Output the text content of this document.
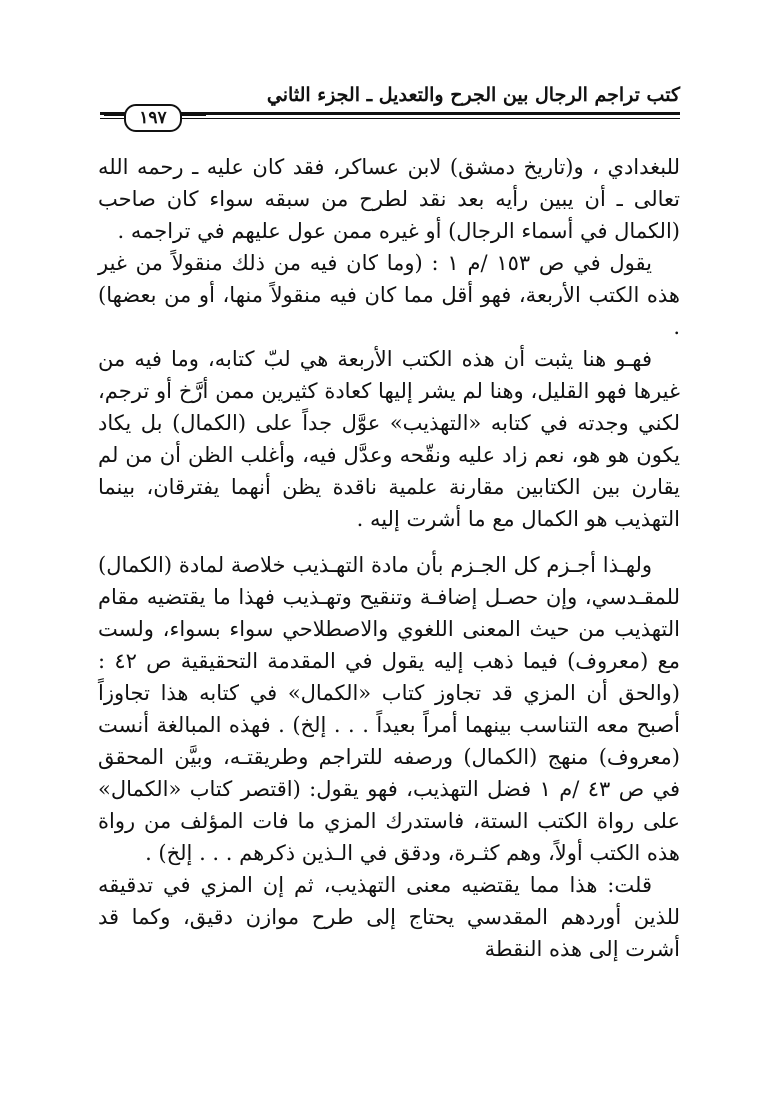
كتب تراجم الرجال بين الجرح والتعديل ـ الجزء الثاني
١٩٧

للبغدادي ، و(تاريخ دمشق) لابن عساكر، فقد كان عليه ـ رحمه الله تعالى ـ أن يبين رأيه بعد نقد لطرح من سبقه سواء كان صاحب (الكمال في أسماء الرجال) أو غيره ممن عول عليهم في تراجمه .

يقول في ص ١٥٣ /م ١ : (وما كان فيه من ذلك منقولاً من غير هذه الكتب الأربعة، فهو أقل مما كان فيه منقولاً منها، أو من بعضها) .

فهـو هنا يثبت أن هذه الكتب الأربعة هي لبّ كتابه، وما فيه من غيرها فهو القليل، وهنا لم يشر إليها كعادة كثيرين ممن أرَّخ أو ترجم، لكني وجدته في كتابه «التهذيب» عوَّل جداً على (الكمال) بل يكاد يكون هو هو، نعم زاد عليه ونقّحه وعدَّل فيه، وأغلب الظن أن من لم يقارن بين الكتابين مقارنة علمية ناقدة يظن أنهما يفترقان، بينما التهذيب هو الكمال مع ما أشرت إليه .

ولهـذا أجـزم كل الجـزم بأن مادة التهـذيب خلاصة لمادة (الكمال) للمقـدسي، وإن حصـل إضافـة وتنقيح وتهـذيب فهذا ما يقتضيه مقام التهذيب من حيث المعنى اللغوي والاصطلاحي سواء بسواء، ولست مع (معروف) فيما ذهب إليه يقول في المقدمة التحقيقية ص ٤٢ : (والحق أن المزي قد تجاوز كتاب «الكمال» في كتابه هذا تجاوزاً أصبح معه التناسب بينهما أمراً بعيداً . . . إلخ) . فهذه المبالغة أنست (معروف) منهج (الكمال) ورصفه للتراجم وطريقتـه، وبيَّن المحقق في ص ٤٣ /م ١ فضل التهذيب، فهو يقول: (اقتصر كتاب «الكمال» على رواة الكتب الستة، فاستدرك المزي ما فات المؤلف من رواة هذه الكتب أولاً، وهم كثـرة، ودقق في الـذين ذكرهم . . . إلخ) .

قلت: هذا مما يقتضيه معنى التهذيب، ثم إن المزي في تدقيقه للذين أوردهم المقدسي يحتاج إلى طرح موازن دقيق، وكما قد أشرت إلى هذه النقطة
